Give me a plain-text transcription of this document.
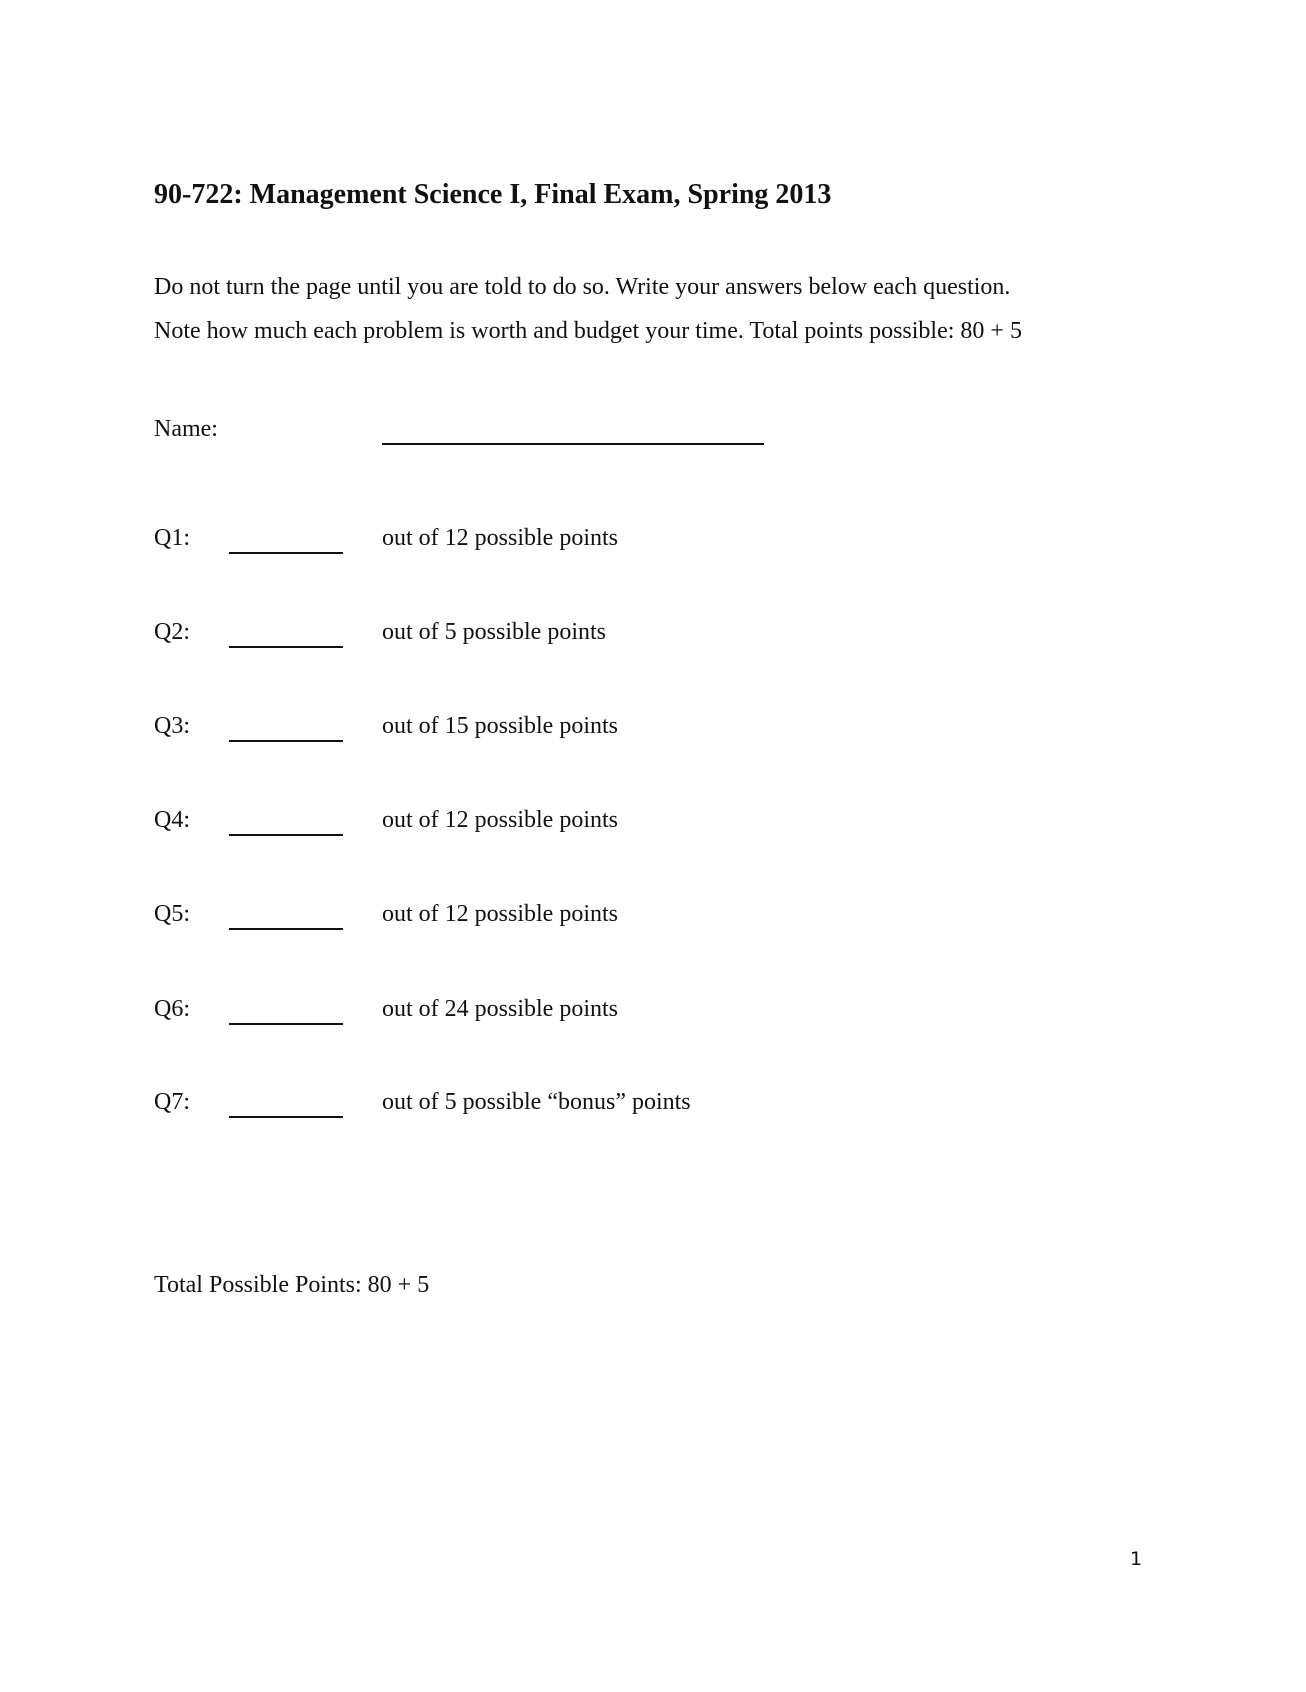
90-722: Management Science I, Final Exam, Spring 2013

Do not turn the page until you are told to do so. Write your answers below each question.

Note how much each problem is worth and budget your time. Total points possible: 80 + 5

Name:
Q1:	out of 12 possible points
Q2:	out of 5 possible points
Q3:	out of 15 possible points
Q4:	out of 12 possible points
Q5:	out of 12 possible points
Q6:	out of 24 possible points
Q7:	out of 5 possible “bonus” points
Total Possible Points: 80 + 5
1
